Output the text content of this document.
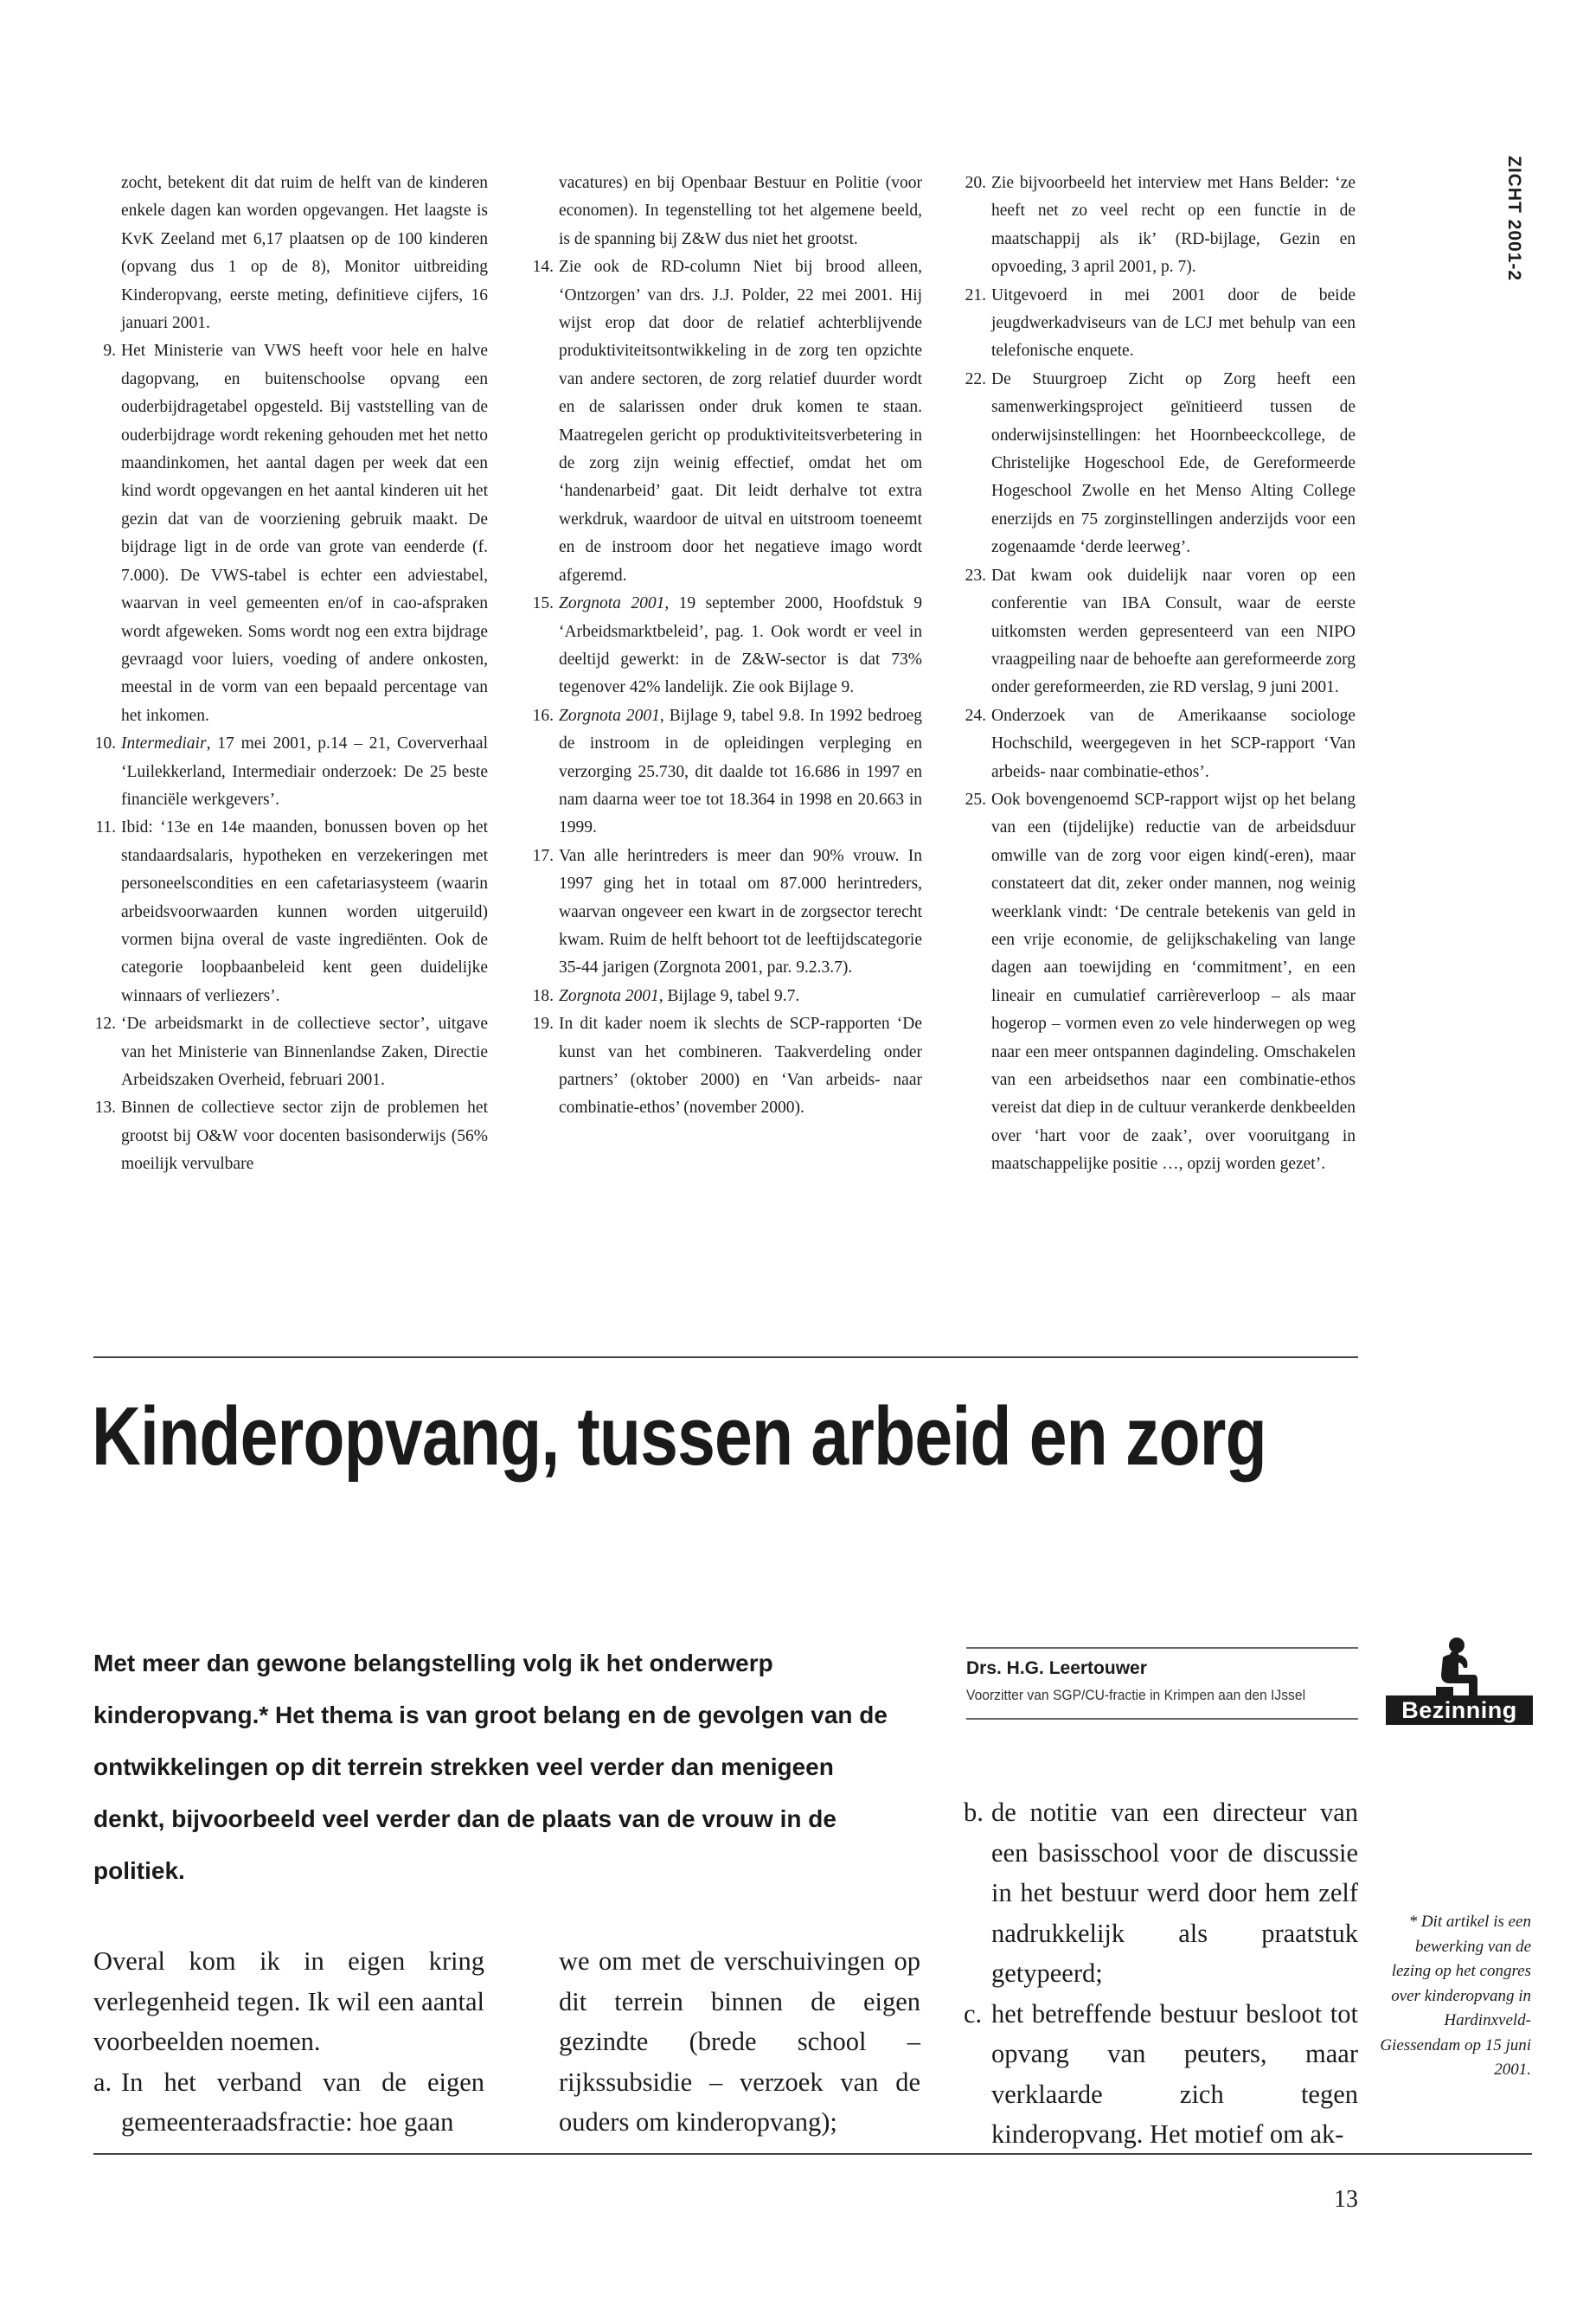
ZICHT 2001-2
zocht, betekent dit dat ruim de helft van de kinderen enkele dagen kan worden opgevangen. Het laagste is KvK Zeeland met 6,17 plaatsen op de 100 kinderen (opvang dus 1 op de 8), Monitor uitbreiding Kinderopvang, eerste meting, definitieve cijfers, 16 januari 2001.
9. Het Ministerie van VWS heeft voor hele en halve dagopvang, en buitenschoolse opvang een ouderbijdragetabel opgesteld. Bij vaststelling van de ouderbijdrage wordt rekening gehouden met het netto maandinkomen, het aantal dagen per week dat een kind wordt opgevangen en het aantal kinderen uit het gezin dat van de voorziening gebruik maakt. De bijdrage ligt in de orde van grote van eenderde (f. 7.000). De VWS-tabel is echter een adviestabel, waarvan in veel gemeenten en/of in cao-afspraken wordt afgeweken. Soms wordt nog een extra bijdrage gevraagd voor luiers, voeding of andere onkosten, meestal in de vorm van een bepaald percentage van het inkomen.
10. Intermediair, 17 mei 2001, p.14 – 21, Coververhaal ‘Luilekkerland, Intermediair onderzoek: De 25 beste financiële werkgevers’.
11. Ibid: ‘13e en 14e maanden, bonussen boven op het standaardsalaris, hypotheken en verzekeringen met personeelscondities en een cafetariasysteem (waarin arbeidsvoorwaarden kunnen worden uitgeruild) vormen bijna overal de vaste ingrediënten. Ook de categorie loopbaanbeleid kent geen duidelijke winnaars of verliezers’.
12. ‘De arbeidsmarkt in de collectieve sector’, uitgave van het Ministerie van Binnenlandse Zaken, Directie Arbeidszaken Overheid, februari 2001.
13. Binnen de collectieve sector zijn de problemen het grootst bij O&W voor docenten basisonderwijs (56% moeilijk vervulbare
vacatures) en bij Openbaar Bestuur en Politie (voor economen). In tegenstelling tot het algemene beeld, is de spanning bij Z&W dus niet het grootst.
14. Zie ook de RD-column Niet bij brood alleen, ‘Ontzorgen’ van drs. J.J. Polder, 22 mei 2001. Hij wijst erop dat door de relatief achterblijvende produktiviteitsontwikkeling in de zorg ten opzichte van andere sectoren, de zorg relatief duurder wordt en de salarissen onder druk komen te staan. Maatregelen gericht op produktiviteitsverbetering in de zorg zijn weinig effectief, omdat het om ‘handenarbeid’ gaat. Dit leidt derhalve tot extra werkdruk, waardoor de uitval en uitstroom toeneemt en de instroom door het negatieve imago wordt afgeremd.
15. Zorgnota 2001, 19 september 2000, Hoofdstuk 9 ‘Arbeidsmarktbeleid’, pag. 1. Ook wordt er veel in deeltijd gewerkt: in de Z&W-sector is dat 73% tegenover 42% landelijk. Zie ook Bijlage 9.
16. Zorgnota 2001, Bijlage 9, tabel 9.8. In 1992 bedroeg de instroom in de opleidingen verpleging en verzorging 25.730, dit daalde tot 16.686 in 1997 en nam daarna weer toe tot 18.364 in 1998 en 20.663 in 1999.
17. Van alle herintreders is meer dan 90% vrouw. In 1997 ging het in totaal om 87.000 herintreders, waarvan ongeveer een kwart in de zorgsector terecht kwam. Ruim de helft behoort tot de leeftijdscategorie 35-44 jarigen (Zorgnota 2001, par. 9.2.3.7).
18. Zorgnota 2001, Bijlage 9, tabel 9.7.
19. In dit kader noem ik slechts de SCP-rapporten ‘De kunst van het combineren. Taakverdeling onder partners’ (oktober 2000) en ‘Van arbeids- naar combinatie-ethos’ (november 2000).
20. Zie bijvoorbeeld het interview met Hans Belder: ‘ze heeft net zo veel recht op een functie in de maatschappij als ik’ (RD-bijlage, Gezin en opvoeding, 3 april 2001, p. 7).
21. Uitgevoerd in mei 2001 door de beide jeugdwerkadviseurs van de LCJ met behulp van een telefonische enquete.
22. De Stuurgroep Zicht op Zorg heeft een samenwerkingsproject geïnitieerd tussen de onderwijsinstellingen: het Hoornbeeckcollege, de Christelijke Hogeschool Ede, de Gereformeerde Hogeschool Zwolle en het Menso Alting College enerzijds en 75 zorginstellingen anderzijds voor een zogenaamde ‘derde leerweg’.
23. Dat kwam ook duidelijk naar voren op een conferentie van IBA Consult, waar de eerste uitkomsten werden gepresenteerd van een NIPO vraagpeiling naar de behoefte aan gereformeerde zorg onder gereformeerden, zie RD verslag, 9 juni 2001.
24. Onderzoek van de Amerikaanse sociologe Hochschild, weergegeven in het SCP-rapport ‘Van arbeids- naar combinatie-ethos’.
25. Ook bovengenoemd SCP-rapport wijst op het belang van een (tijdelijke) reductie van de arbeidsduur omwille van de zorg voor eigen kind(-eren), maar constateert dat dit, zeker onder mannen, nog weinig weerklank vindt: ‘De centrale betekenis van geld in een vrije economie, de gelijkschakeling van lange dagen aan toewijding en ‘commitment’, en een lineair en cumulatief carrièreverloop – als maar hogerop – vormen even zo vele hinderwegen op weg naar een meer ontspannen dagindeling. Omschakelen van een arbeidsethos naar een combinatie-ethos vereist dat diep in de cultuur verankerde denkbeelden over ‘hart voor de zaak’, over vooruitgang in maatschappelijke positie …, opzij worden gezet’.
Kinderopvang, tussen arbeid en zorg

Met meer dan gewone belangstelling volg ik het onderwerp kinderopvang.* Het thema is van groot belang en de gevolgen van de ontwikkelingen op dit terrein strekken veel verder dan menigeen denkt, bijvoorbeeld veel verder dan de plaats van de vrouw in de politiek.

Drs. H.G. Leertouwer
Voorzitter van SGP/CU-fractie in Krimpen aan den IJssel
Bezinning

Overal kom ik in eigen kring verlegenheid tegen. Ik wil een aantal voorbeelden noemen.

a. In het verband van de eigen gemeenteraadsfractie: hoe gaan

we om met de verschuivingen op dit terrein binnen de eigen gezindte (brede school – rijkssubsidie – verzoek van de ouders om kinderopvang);

b. de notitie van een directeur van een basisschool voor de discussie in het bestuur werd door hem zelf nadrukkelijk als praatstuk getypeerd;
c. het betreffende bestuur besloot tot opvang van peuters, maar verklaarde zich tegen kinderopvang. Het motief om ak-

* Dit artikel is een bewerking van de lezing op het congres over kinderopvang in Hardinxveld-Giessendam op 15 juni 2001.

13
